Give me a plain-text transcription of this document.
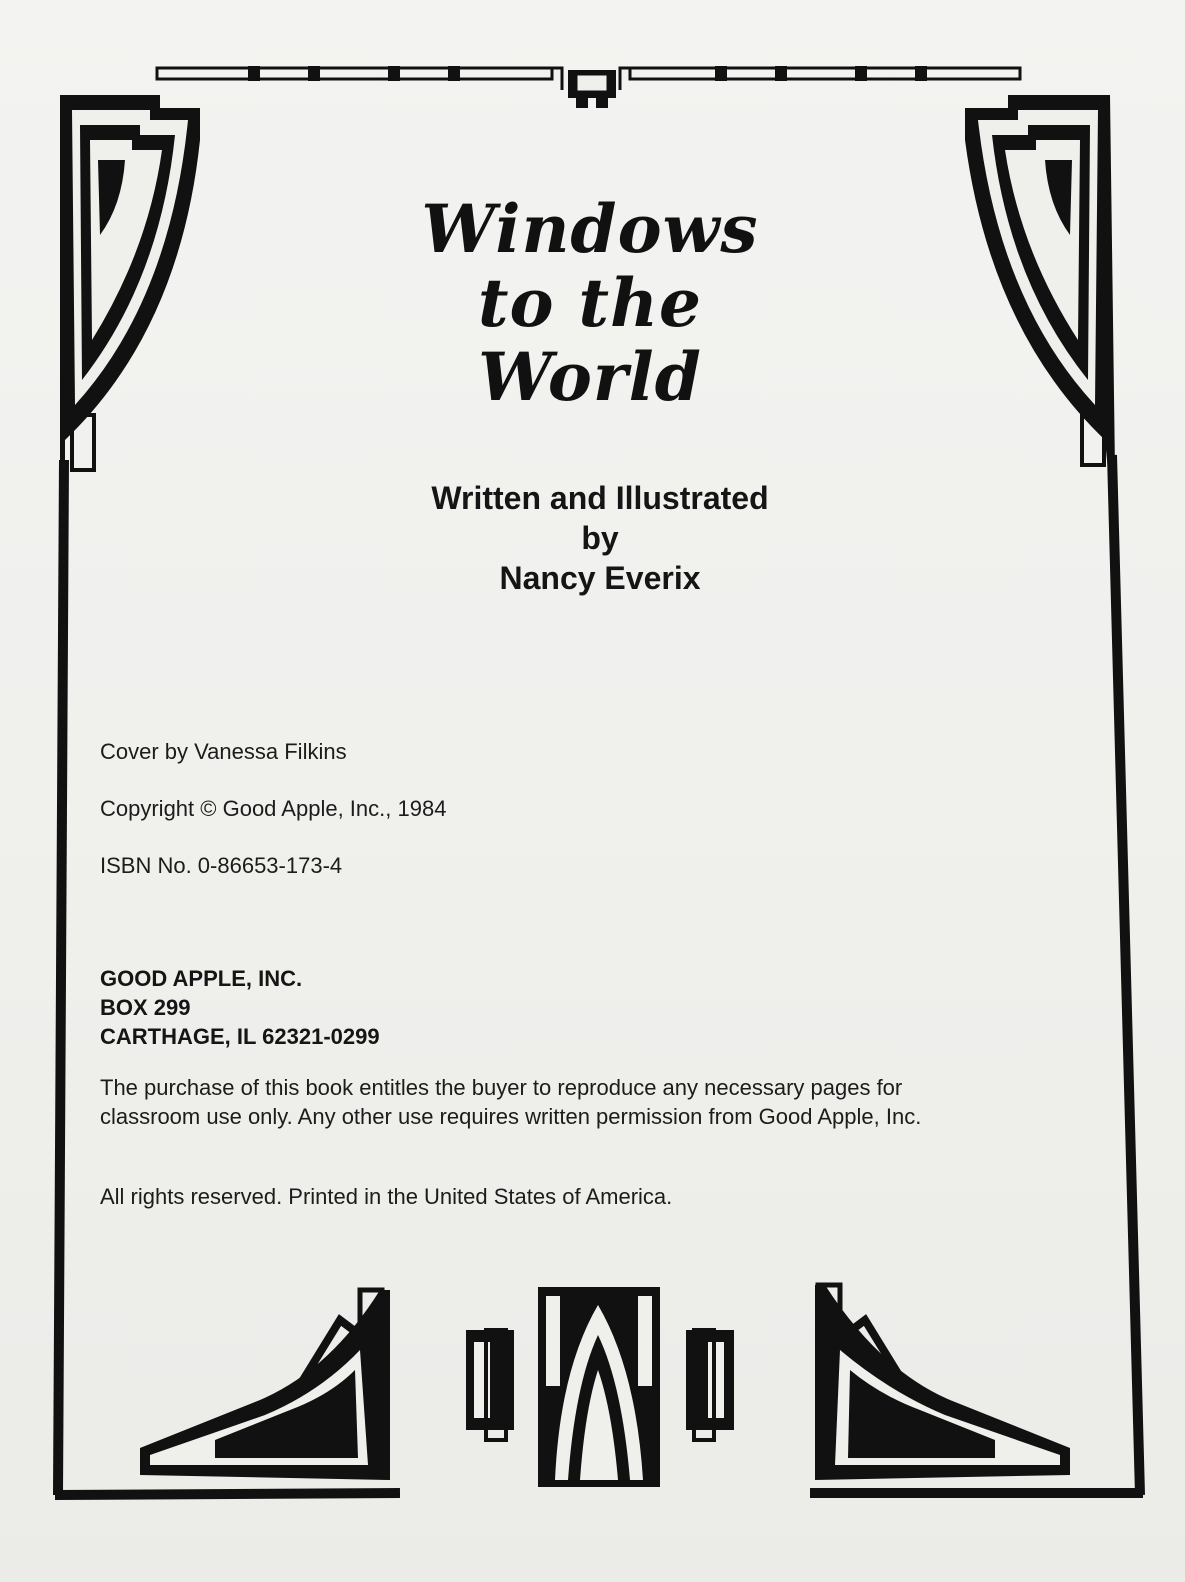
Windows
to the
World
Written and Illustrated
by
Nancy Everix
Cover by Vanessa Filkins
Copyright © Good Apple, Inc., 1984
ISBN No. 0-86653-173-4
GOOD APPLE, INC.
BOX 299
CARTHAGE, IL 62321-0299
The purchase of this book entitles the buyer to reproduce any necessary pages for classroom use only. Any other use requires written permission from Good Apple, Inc.
All rights reserved. Printed in the United States of America.
